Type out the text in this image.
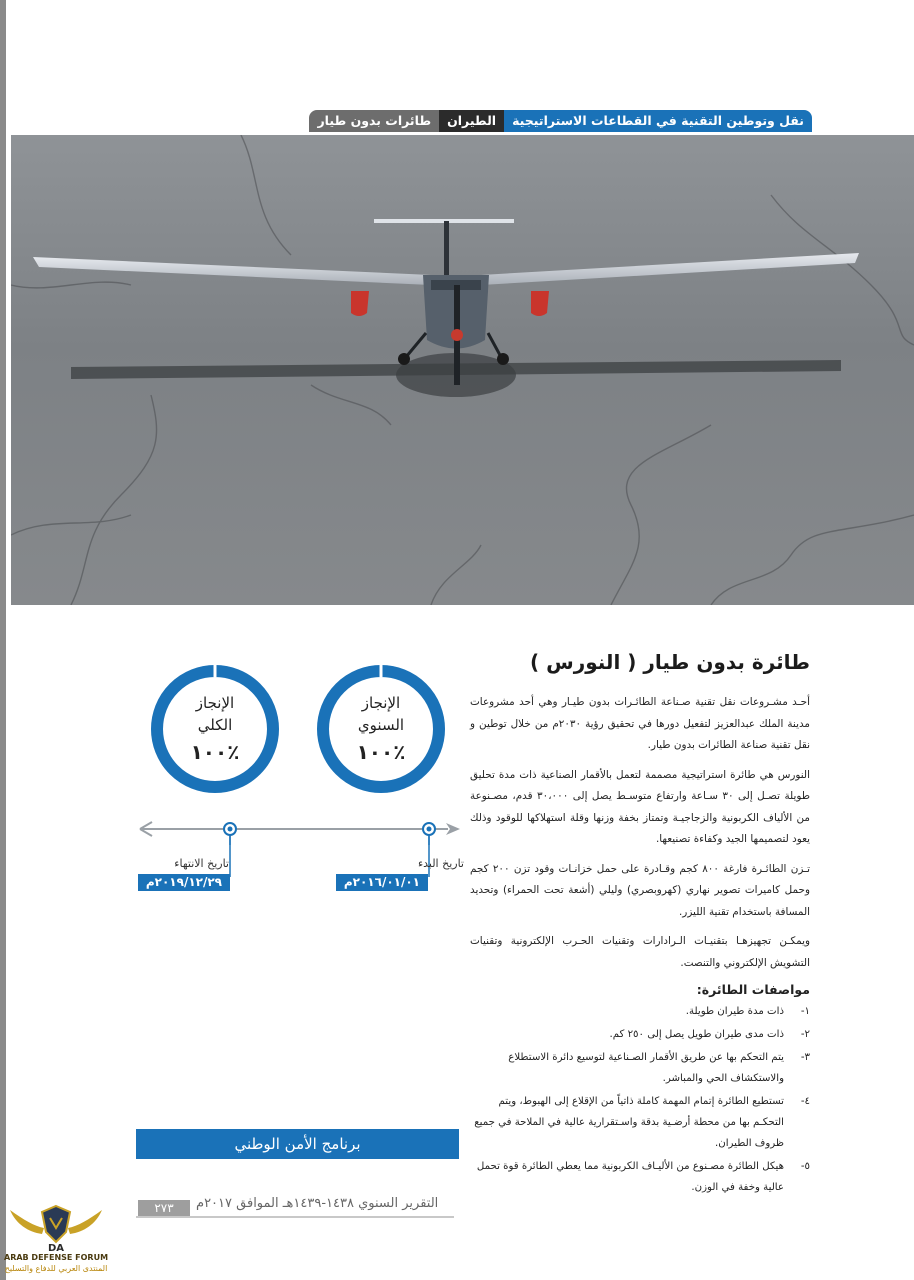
نقل وتوطين التقنية في القطاعات الاستراتيجية
الطيران
طائرات بدون طيار
الإنجاز
السنوي
٪١٠٠
الإنجاز
الكلي
٪١٠٠
تاريخ البدء
٢٠١٦/٠١/٠١م
تاريخ الانتهاء
٢٠١٩/١٢/٢٩م
طائرة بدون طيار ( النورس )

أحـد مشـروعات نقل تقنية صـناعة الطائـرات بدون طيـار وهي أحد مشروعات مدينة الملك عبدالعزيز لتفعيل دورها في تحقيق رؤية ٢٠٣٠م من خلال توطين و نقل تقنية صناعة الطائرات بدون طيار.

النورس هي طائرة استراتيجية مصممة لتعمل بالأقمار الصناعية ذات مدة تحليق طويلة تصـل إلى ٣٠ سـاعة وارتفاع متوسـط يصل إلى ٣٠،٠٠٠ قدم، مصـنوعة من الألياف الكربونية والزجاجيـة وتمتاز بخفة وزنها وقلة استهلاكها للوقود وذلك يعود لتصميمها الجيد وكفاءة تصنيعها.

تـزن الطائـرة فارغة ٨٠٠ كجم وقـادرة على حمل خزانـات وقود تزن ٢٠٠ كجم وحمل كاميرات تصوير نهاري (كهروبصري) وليلي (أشعة تحت الحمراء) وتحديد المسافة باستخدام تقنية الليزر.

ويمكـن تجهيزهـا بتقنيـات الـرادارات وتقنيات الحـرب الإلكترونية وتقنيات التشويش الإلكتروني والتنصت.

مواصفات الطائرة:
١-
ذات مدة طيران طويلة.
٢-
ذات مدى طيران طويل يصل إلى ٢٥٠ كم.
٣-
يتم التحكم بها عن طريق الأقمار الصـناعية لتوسيع دائرة الاستطلاع والاستكشاف الحي والمباشر.
٤-
تستطيع الطائرة إتمام المهمة كاملة ذاتياً من الإقلاع إلى الهبوط، ويتم التحكـم بها من محطة أرضـية بدقة واسـتقرارية عالية في الملاحة في جميع ظروف الطيران.
٥-
هيكل الطائرة مصـنوع من الأليـاف الكربونية مما يعطي الطائرة قوة تحمل عالية وخفة في الوزن.
برنامج الأمن الوطني
التقرير السنوي ١٤٣٨-١٤٣٩هـ الموافق ٢٠١٧م
٢٧٣
DA
ARAB DEFENSE FORUM
المنتدى العربي للدفاع والتسليح
